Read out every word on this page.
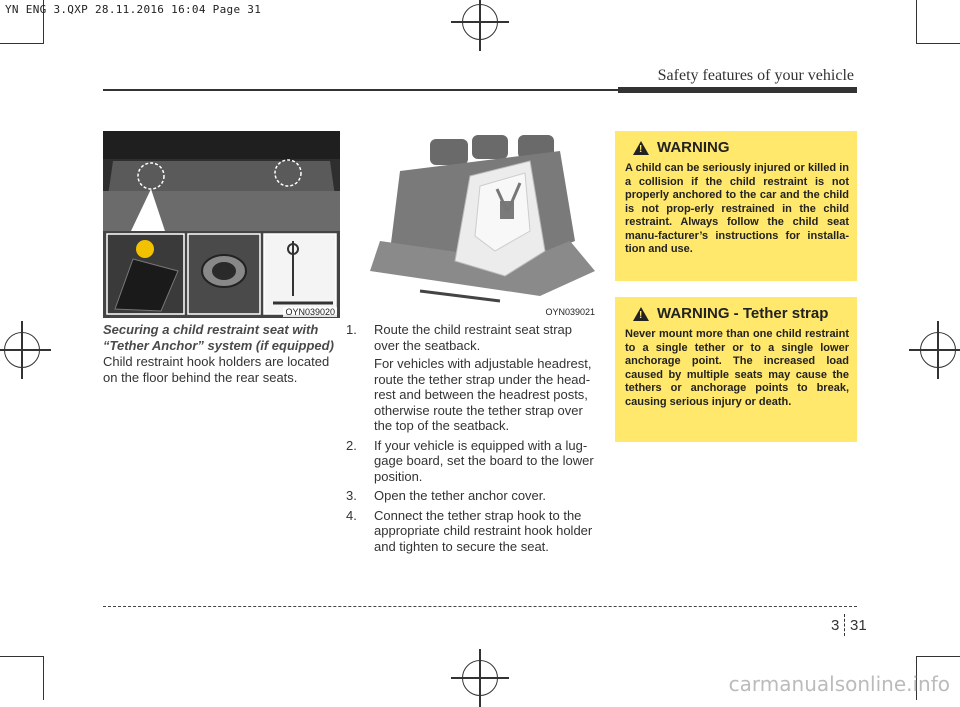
YN ENG 3.QXP 28.11.2016 16:04 Page 31
Safety features of your vehicle
OYN039020	OYN039021
Securing a child restraint seat with “Tether Anchor” system (if equipped)
Child restraint hook holders are located on the floor behind the rear seats.
1. Route the child restraint seat strap over the seatback.
For vehicles with adjustable headrest, route the tether strap under the head-rest and between the headrest posts, otherwise route the tether strap over the top of the seatback.
2. If your vehicle is equipped with a lug-gage board, set the board to the lower position.
3. Open the tether anchor cover.
4. Connect the tether strap hook to the appropriate child restraint hook holder and tighten to secure the seat.
! WARNING
A child can be seriously injured or killed in a collision if the child restraint is not properly anchored to the car and the child is not prop-erly restrained in the child restraint. Always follow the child seat manu-facturer’s instructions for installa-tion and use.
! WARNING - Tether strap
Never mount more than one child restraint to a single tether or to a single lower anchorage point. The increased load caused by multiple seats may cause the tethers or anchorage points to break, causing serious injury or death.
3 31
carmanualsonline.info
